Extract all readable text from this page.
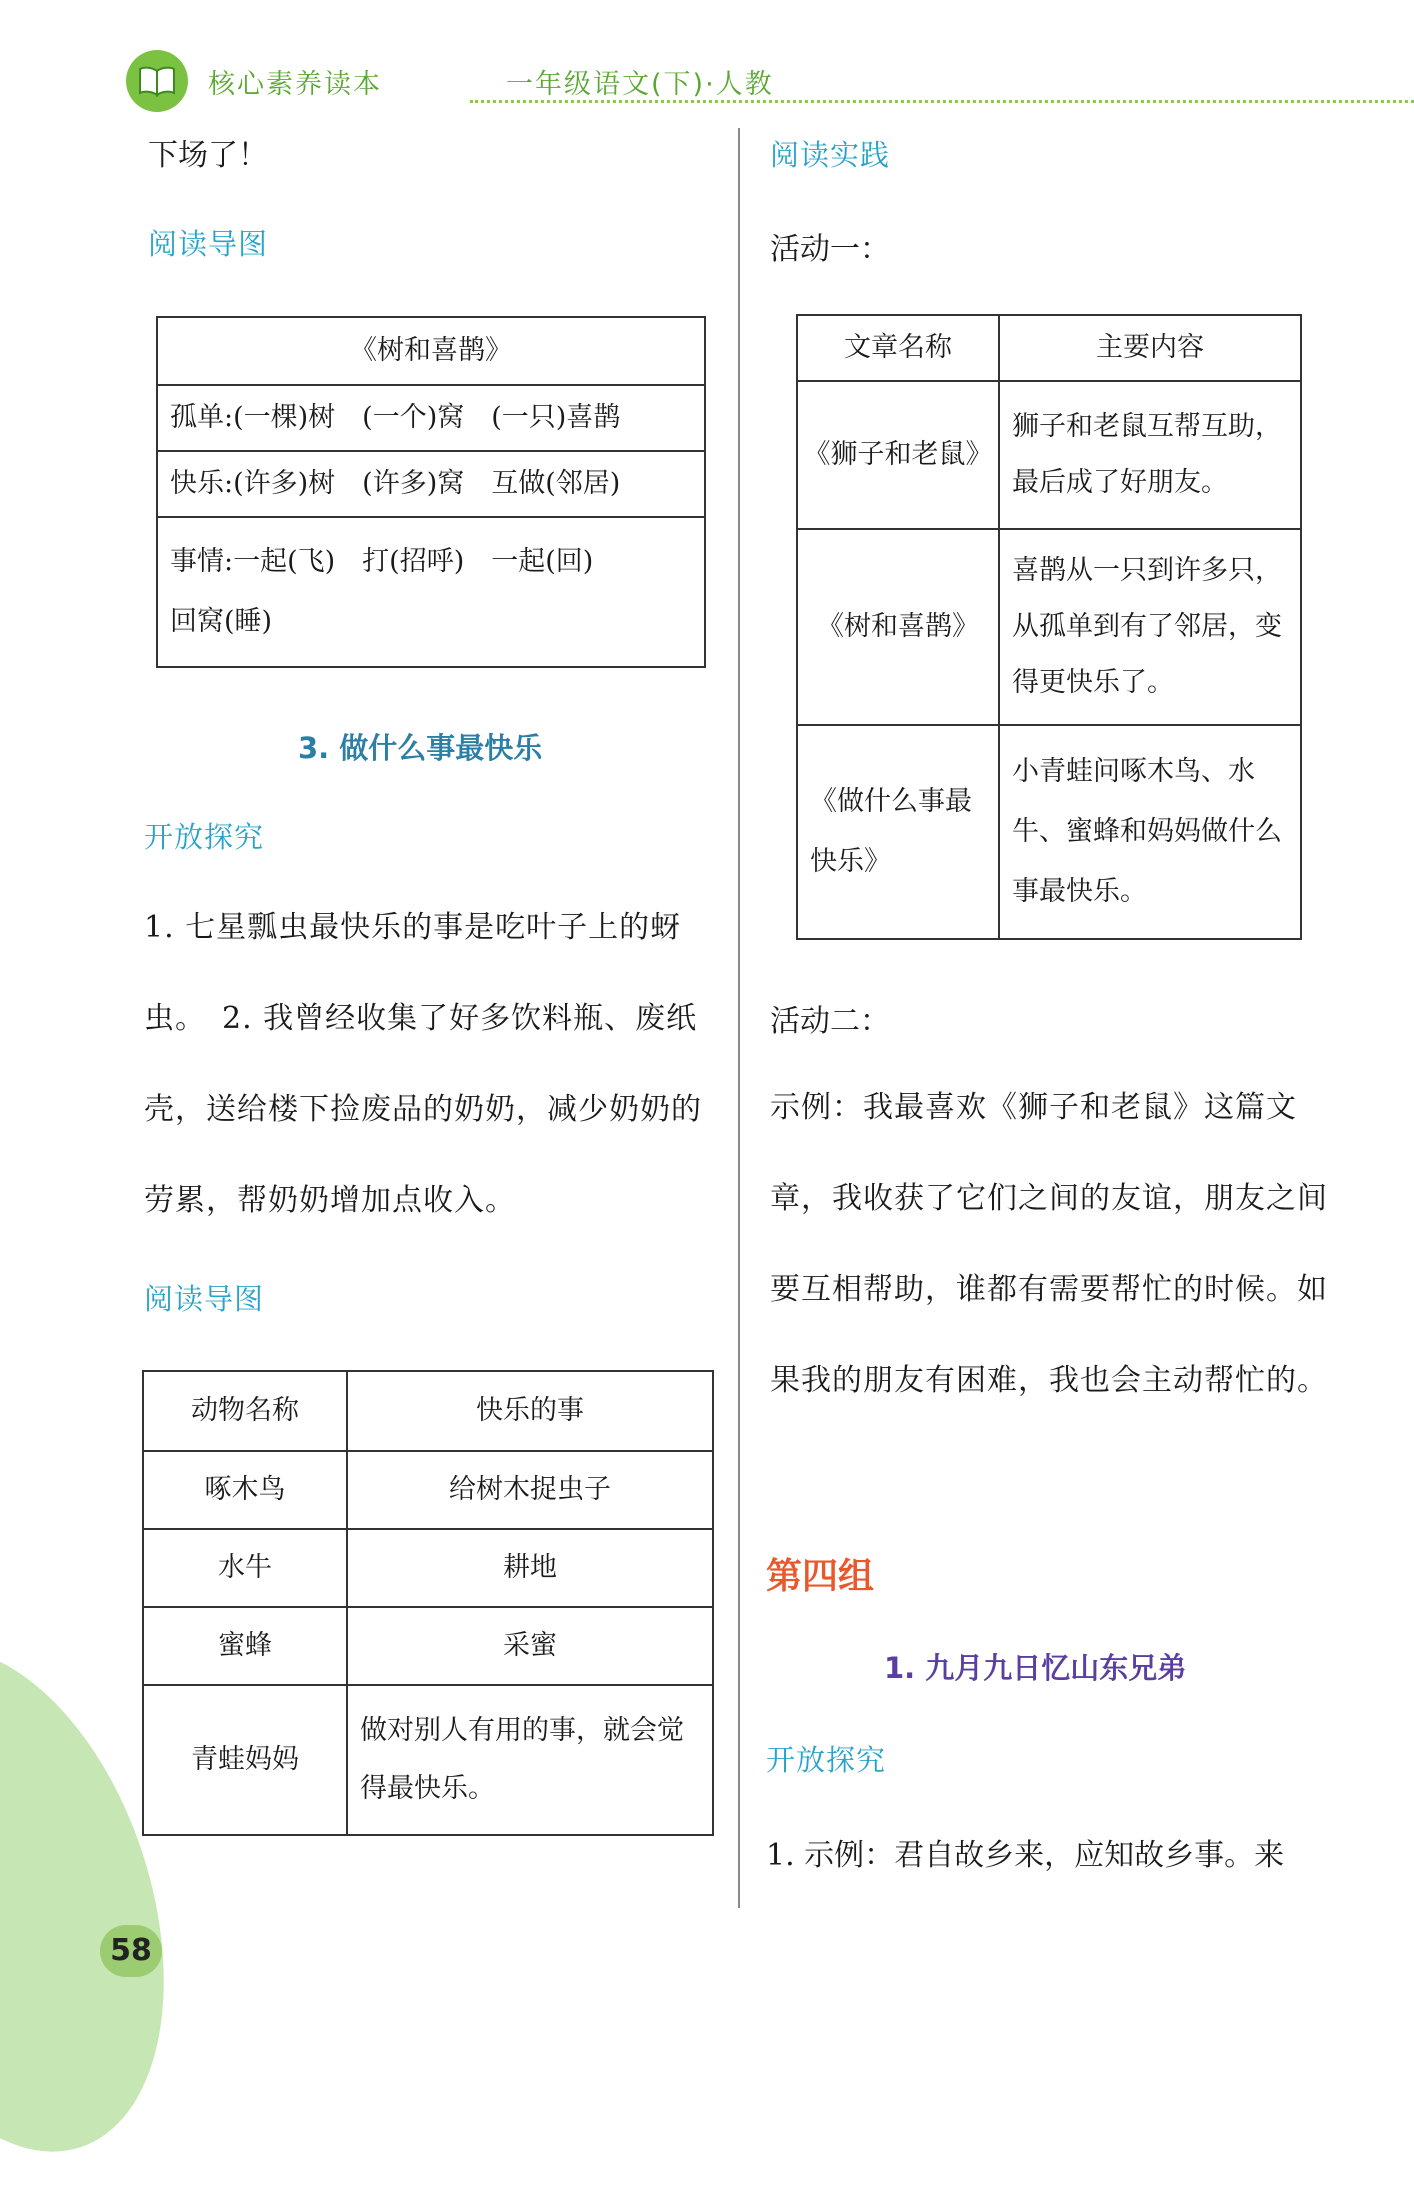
核心素养读本	一年级语文(下)·人教
下场了！
阅读导图
《树和喜鹊》
孤单:(一棵)树　(一个)窝　(一只)喜鹊
快乐:(许多)树　(许多)窝　互做(邻居)

事情:一起(飞)　打(招呼)　一起(回)
回窝(睡)
3. 做什么事最快乐
开放探究
1. 七星瓢虫最快乐的事是吃叶子上的蚜虫。　2. 我曾经收集了好多饮料瓶、废纸壳，送给楼下捡废品的奶奶，减少奶奶的劳累，帮奶奶增加点收入。
阅读导图
动物名称	快乐的事
啄木鸟	给树木捉虫子
水牛	耕地
蜜蜂	采蜜
青蛙妈妈	做对别人有用的事，就会觉得最快乐。
阅读实践
活动一：
文章名称	主要内容
《狮子和老鼠》	狮子和老鼠互帮互助，最后成了好朋友。
《树和喜鹊》	喜鹊从一只到许多只，从孤单到有了邻居，变得更快乐了。
《做什么事最快乐》	小青蛙问啄木鸟、水牛、蜜蜂和妈妈做什么事最快乐。
活动二：
示例：我最喜欢《狮子和老鼠》这篇文章，我收获了它们之间的友谊，朋友之间要互相帮助，谁都有需要帮忙的时候。如果我的朋友有困难，我也会主动帮忙的。
第四组
1. 九月九日忆山东兄弟
开放探究
1. 示例：君自故乡来，应知故乡事。来
58
